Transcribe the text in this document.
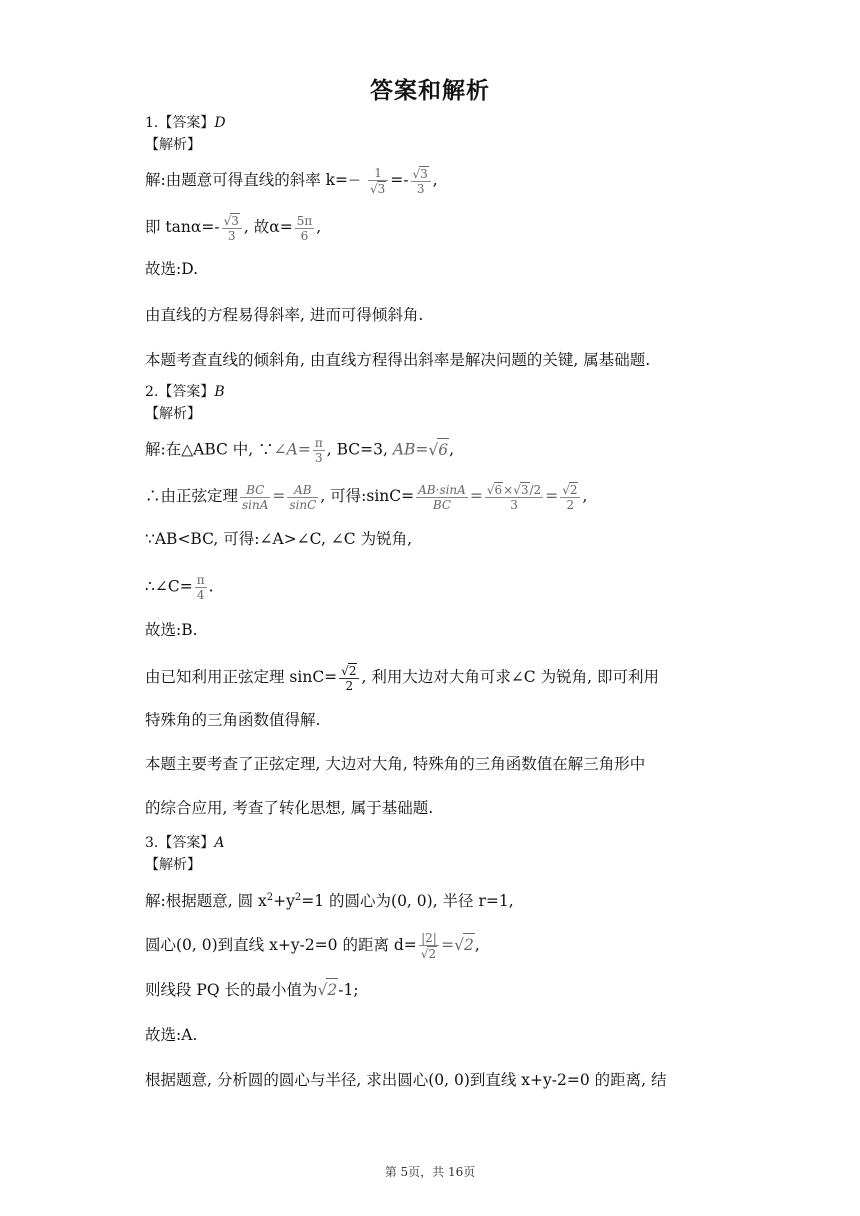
答案和解析
1.【答案】D
【解析】
解:由题意可得直线的斜率 $k=- \frac{1}{√3} =- \frac{√3}{3}$ ,
即 $\tan\alpha=- \frac{√3}{3}$ , 故$\alpha= \frac{5\pi}{6}$ ,
故选:D.
由直线的方程易得斜率, 进而可得倾斜角.
本题考查直线的倾斜角, 由直线方程得出斜率是解决问题的关键, 属基础题.
2.【答案】B
【解析】
解:在△ABC 中, ∵∠A= $\frac{\pi}{3}$ , BC=3, AB=√6,
∴由正弦定理 $\frac{BC}{\sin A} = \frac{AB}{\sin C}$ , 可得:sinC= $\frac{AB\cdot\sin A}{BC} = \frac{√6\times√3/2}{3} = \frac{√2}{2}$ ,
∵AB<BC, 可得:∠A>∠C, ∠C 为锐角,
∴∠C= $\frac{\pi}{4}$ .
故选:B.
由已知利用正弦定理 $\sin C= \frac{√2}{2}$ , 利用大边对大角可求∠C 为锐角, 即可利用
特殊角的三角函数值得解.
本题主要考查了正弦定理, 大边对大角, 特殊角的三角函数值在解三角形中
的综合应用, 考查了转化思想, 属于基础题.
3.【答案】A
【解析】
解:根据题意, 圆 $x^2+y^2=1$ 的圆心为(0, 0), 半径 r=1,
圆心(0, 0)到直线 x+y-2=0 的距离 $d= \frac{|2|}{√2} =√2$,
则线段 PQ 长的最小值为√2-1;
故选:A.
根据题意, 分析圆的圆心与半径, 求出圆心(0, 0)到直线 x+y-2=0 的距离, 结
第 5页，共 16页
